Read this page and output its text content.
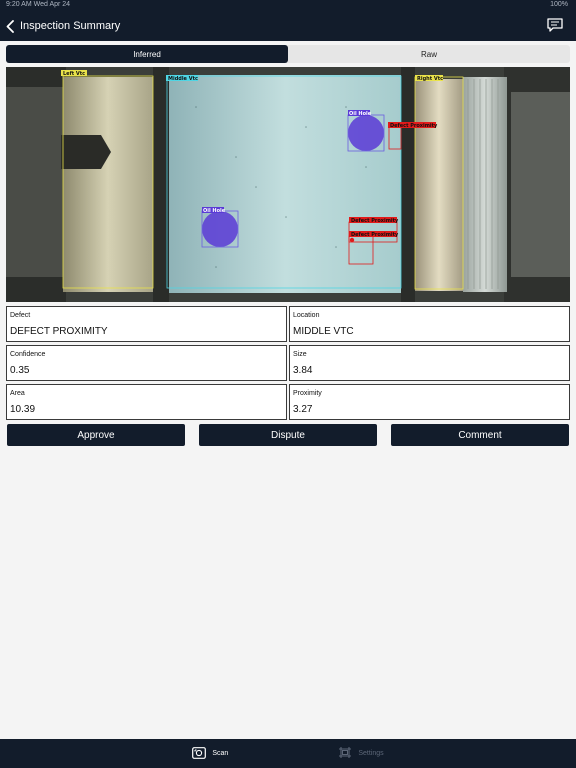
9:20 AM Wed Apr 24	100%
Inspection Summary
Inferred	Raw
Left Vtc
Middle Vtc	Right Vtc
Oil Hole
Oil Hole
Defect Proximity
Defect Proximity
Defect Proximity
Defect
DEFECT PROXIMITY
Location
MIDDLE VTC
Confidence
0.35
Size
3.84
Area
10.39
Proximity
3.27
Approve	Dispute	Comment
Scan	Settings
